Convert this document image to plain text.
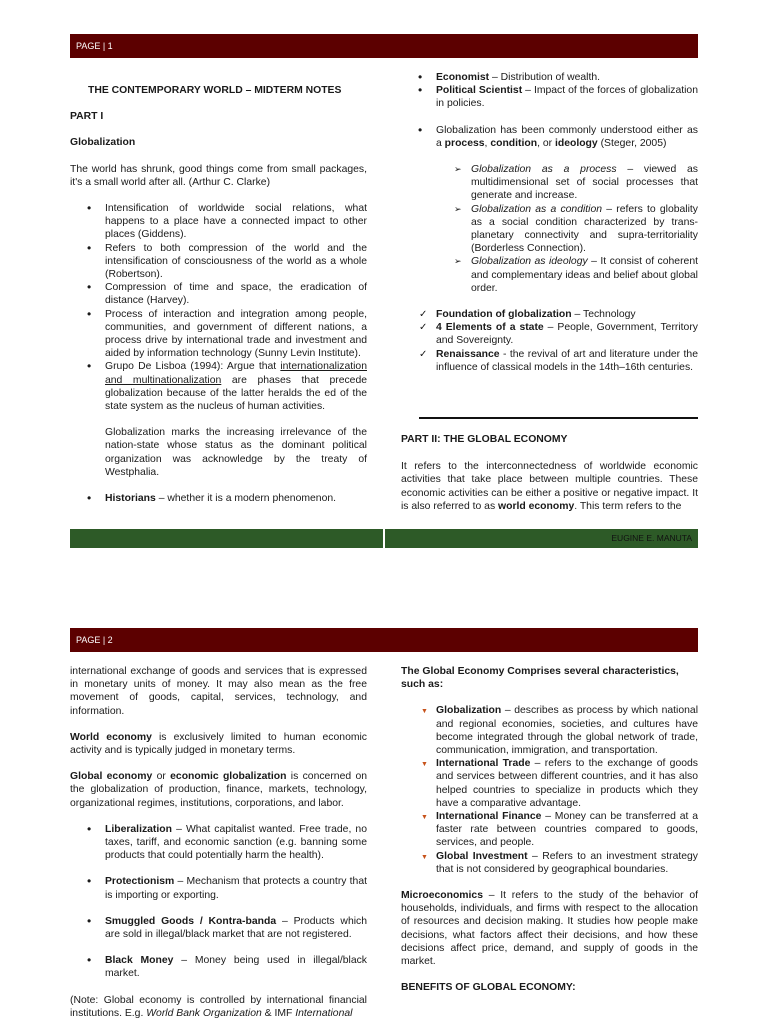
PAGE | 1

THE CONTEMPORARY WORLD – MIDTERM NOTES

PART I

Globalization

The world has shrunk, good things come from small packages, it's a small world after all. (Arthur C. Clarke)

• Intensification of worldwide social relations, what happens to a place have a connected impact to other places (Giddens).
• Refers to both compression of the world and the intensification of consciousness of the world as a whole (Robertson).
• Compression of time and space, the eradication of distance (Harvey).
• Process of interaction and integration among people, communities, and government of different nations, a process drive by international trade and investment and aided by information technology (Sunny Levin Institute).
• Grupo De Lisboa (1994): Argue that internationalization and multinationalization are phases that precede globalization because of the latter heralds the ed of the state system as the nucleus of human activities.

Globalization marks the increasing irrelevance of the nation-state whose status as the dominant political organization was acknowledge by the treaty of Westphalia.

• Historians – whether it is a modern phenomenon.
• Economist – Distribution of wealth.
• Political Scientist – Impact of the forces of globalization in policies.
• Globalization has been commonly understood either as a process, condition, or ideology (Steger, 2005)
➢ Globalization as a process – viewed as multidimensional set of social processes that generate and increase.
➢ Globalization as a condition – refers to globality as a social condition characterized by trans-planetary connectivity and supra-territoriality (Borderless Connection).
➢ Globalization as ideology – It consist of coherent and complementary ideas and belief about global order.
✓ Foundation of globalization – Technology
✓ 4 Elements of a state – People, Government, Territory and Sovereignty.
✓ Renaissance - the revival of art and literature under the influence of classical models in the 14th–16th centuries.

PART II: THE GLOBAL ECONOMY

It refers to the interconnectedness of worldwide economic activities that take place between multiple countries. These economic activities can be either a positive or negative impact. It is also referred to as world economy. This term refers to the

EUGINE E. MANUTA
PAGE | 2

international exchange of goods and services that is expressed in monetary units of money. It may also mean as the free movement of goods, capital, services, technology, and information.

World economy is exclusively limited to human economic activity and is typically judged in monetary terms.

Global economy or economic globalization is concerned on the globalization of production, finance, markets, technology, organizational regimes, institutions, corporations, and labor.

• Liberalization – What capitalist wanted. Free trade, no taxes, tariff, and economic sanction (e.g. banning some products that could potentially harm the health).
• Protectionism – Mechanism that protects a country that is importing or exporting.
• Smuggled Goods / Kontra-banda – Products which are sold in illegal/black market that are not registered.
• Black Money – Money being used in illegal/black market.

(Note: Global economy is controlled by international financial institutions. E.g. World Bank Organization & IMF International

The Global Economy Comprises several characteristics, such as:

▼ Globalization – describes as process by which national and regional economies, societies, and cultures have become integrated through the global network of trade, communication, immigration, and transportation.
▼ International Trade – refers to the exchange of goods and services between different countries, and it has also helped countries to specialize in products which they have a comparative advantage.
▼ International Finance – Money can be transferred at a faster rate between countries compared to goods, services, and people.
▼ Global Investment – Refers to an investment strategy that is not considered by geographical boundaries.

Microeconomics – It refers to the study of the behavior of households, individuals, and firms with respect to the allocation of resources and decision making. It studies how people make decisions, what factors affect their decisions, and how these decisions affect price, demand, and supply of goods in the market.

BENEFITS OF GLOBAL ECONOMY:
